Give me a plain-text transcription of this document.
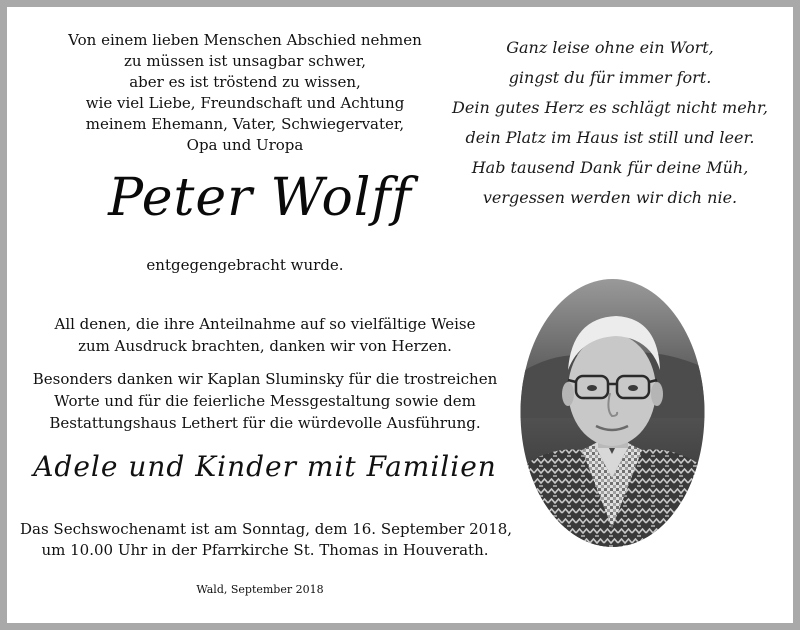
Von einem lieben Menschen Abschied nehmen
zu müssen ist unsagbar schwer,
aber es ist tröstend zu wissen,
wie viel Liebe, Freundschaft und Achtung
meinem Ehemann, Vater, Schwiegervater,
Opa und Uropa
Peter Wolff
entgegengebracht wurde.
All denen, die ihre Anteilnahme auf so vielfältige Weise
zum Ausdruck brachten, danken wir von Herzen.
Besonders danken wir Kaplan Sluminsky für die trostreichen
Worte und für die feierliche Messgestaltung sowie dem
Bestattungshaus Lethert für die würdevolle Ausführung.
Adele und Kinder mit Familien
Das Sechswochenamt ist am Sonntag, dem 16. September 2018,
um 10.00 Uhr in der Pfarrkirche St. Thomas in Houverath.
Wald, September 2018
Ganz leise ohne ein Wort,
gingst du für immer fort.
Dein gutes Herz es schlägt nicht mehr,
dein Platz im Haus ist still und leer.
Hab tausend Dank für deine Müh,
vergessen werden wir dich nie.
